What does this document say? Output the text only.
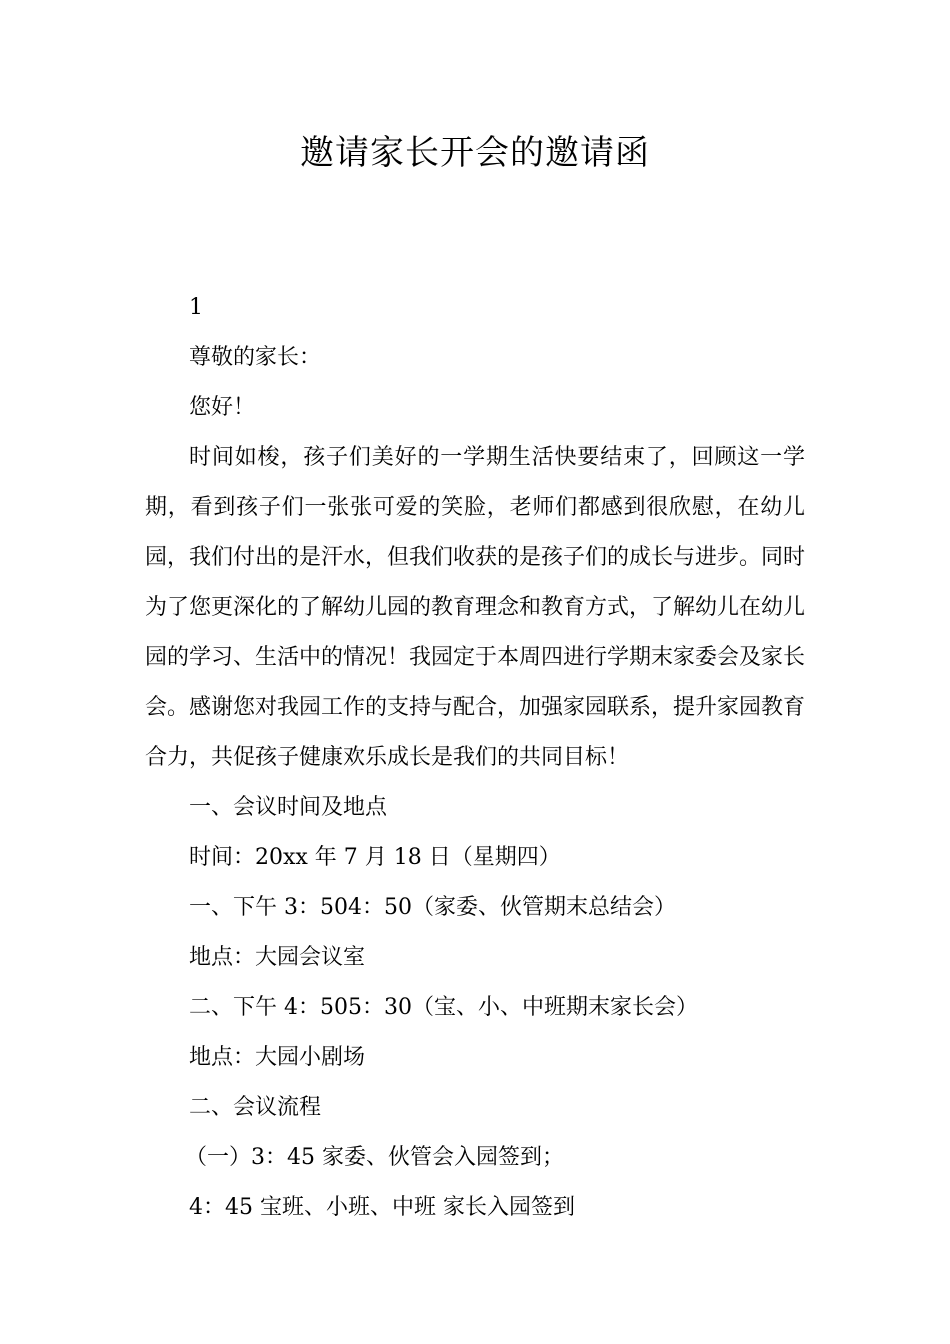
邀请家长开会的邀请函

1

尊敬的家长：

您好！

时间如梭，孩子们美好的一学期生活快要结束了，回顾这一学期，看到孩子们一张张可爱的笑脸，老师们都感到很欣慰，在幼儿园，我们付出的是汗水，但我们收获的是孩子们的成长与进步。同时为了您更深化的了解幼儿园的教育理念和教育方式，了解幼儿在幼儿园的学习、生活中的情况！我园定于本周四进行学期末家委会及家长会。感谢您对我园工作的支持与配合，加强家园联系，提升家园教育合力，共促孩子健康欢乐成长是我们的共同目标！

一、会议时间及地点

时间：20xx 年 7 月 18 日（星期四）

一、下午 3：504：50（家委、伙管期末总结会）

地点：大园会议室

二、下午 4：505：30（宝、小、中班期末家长会）

地点：大园小剧场

二、会议流程

（一）3：45 家委、伙管会入园签到；

4：45 宝班、小班、中班 家长入园签到
